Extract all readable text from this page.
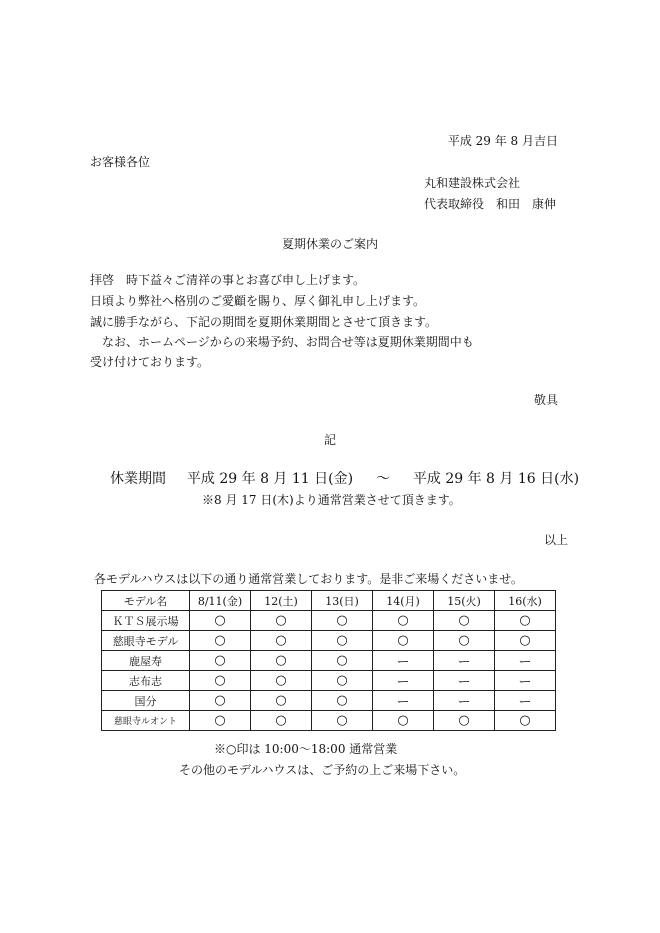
平成 29 年 8 月吉日
お客様各位
丸和建設株式会社
代表取締役　和田　康伸
夏期休業のご案内
拝啓　時下益々ご清祥の事とお喜び申し上げます。
日頃より弊社へ格別のご愛顧を賜り、厚く御礼申し上げます。
誠に勝手ながら、下記の期間を夏期休業期間とさせて頂きます。
　なお、ホームページからの来場予約、お問合せ等は夏期休業期間中も
受け付けております。
敬具
記
休業期間 平成 29 年 8 月 11 日(金) ～ 平成 29 年 8 月 16 日(水)
※8 月 17 日(木)より通常営業させて頂きます。
以上
各モデルハウスは以下の通り通常営業しております。是非ご来場くださいませ。
モデル名	8/11(金)	12(土)	13(日)	14(月)	15(火)	16(水)
ＫＴＳ展示場	○	○	○	○	○	○
慈眼寺モデル	○	○	○	○	○	○
鹿屋寿	○	○	○	ー	ー	ー
志布志	○	○	○	ー	ー	ー
国分	○	○	○	ー	ー	ー
慈眼寺ルオント	○	○	○	○	○	○
※○印は 10:00～18:00 通常営業
その他のモデルハウスは、ご予約の上ご来場下さい。
